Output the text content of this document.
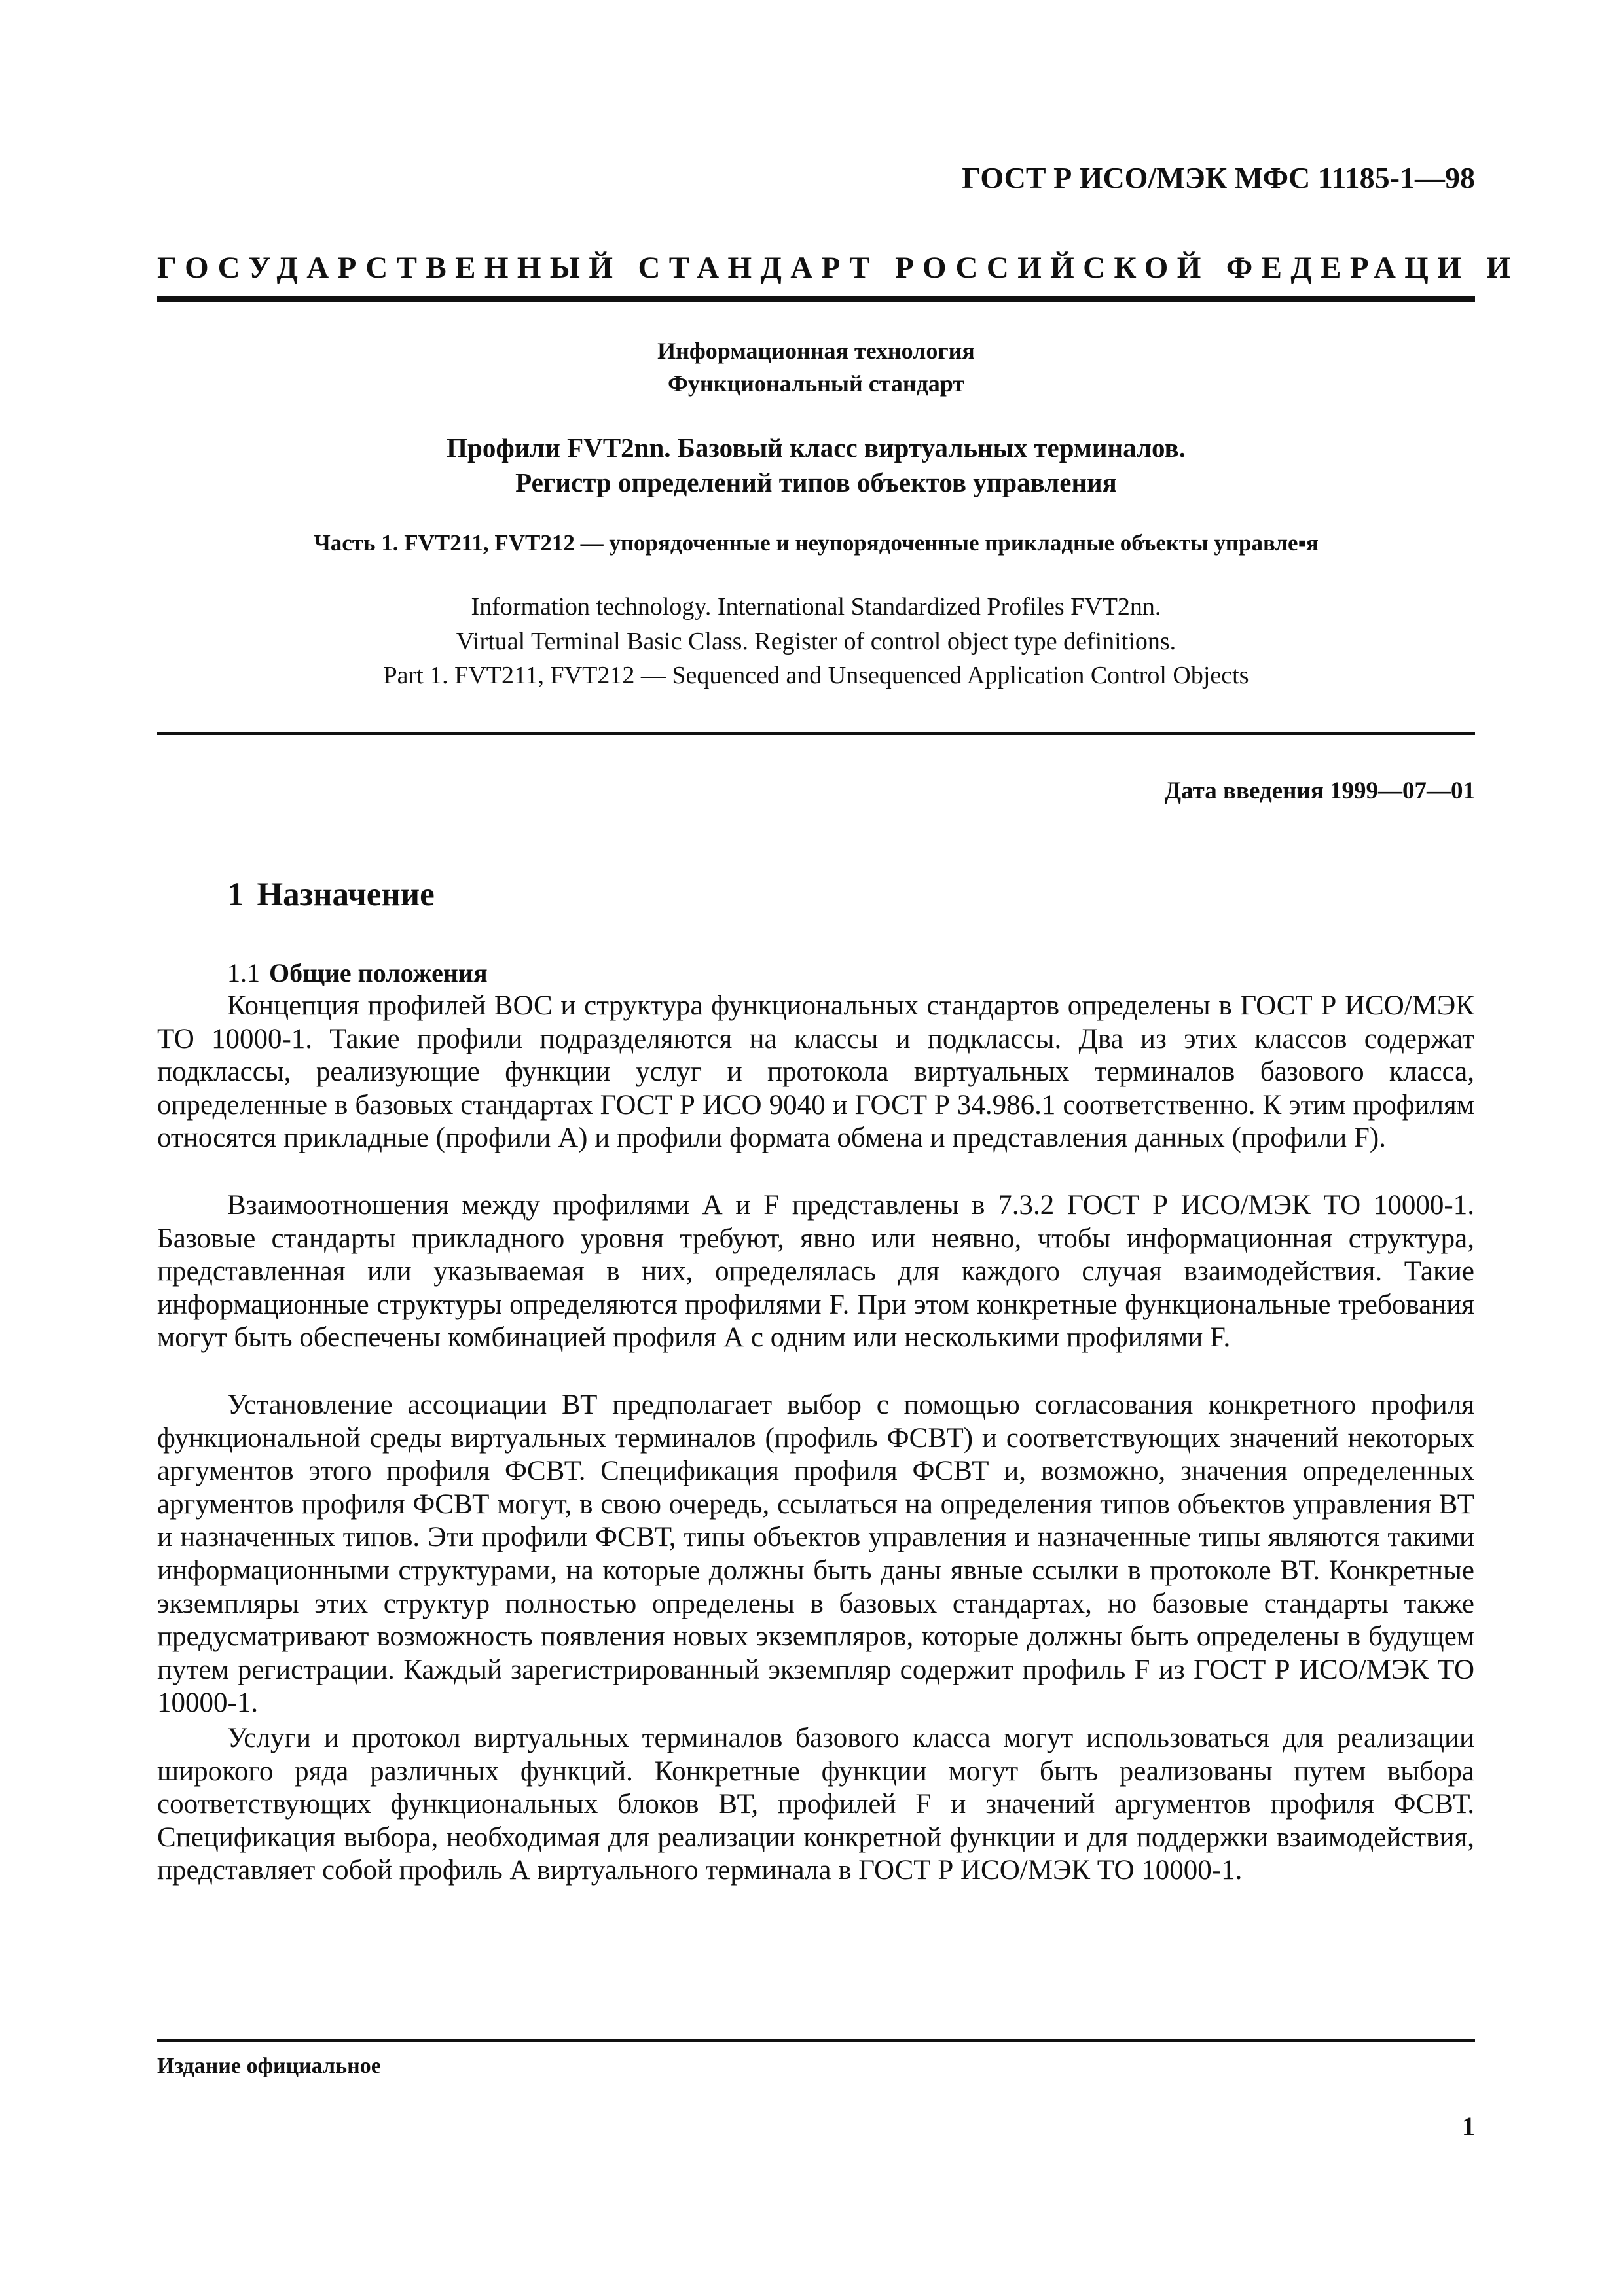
ГОСТ Р ИСО/МЭК МФС 11185-1—98
ГОСУДАРСТВЕННЫЙ СТАНДАРТ РОССИЙСКОЙ ФЕДЕРАЦИ И
Информационная технология
Функциональный стандарт
Профили FVT2nn. Базовый класс виртуальных терминалов.
Регистр определений типов объектов управления
Часть 1. FVT211, FVT212 — упорядоченные и неупорядоченные прикладные объекты управле▪я
Information technology. International Standardized Profiles FVT2nn.
Virtual Terminal Basic Class. Register of control object type definitions.
Part 1. FVT211, FVT212 — Sequenced and Unsequenced Application Control Objects
Дата введения 1999—07—01
1 Назначение
1.1 Общие положения
Концепция профилей ВОС и структура функциональных стандартов определены в ГОСТ Р ИСО/МЭК ТО 10000-1. Такие профили подразделяются на классы и подклассы. Два из этих классов содержат подклассы, реализующие функции услуг и протокола виртуальных терминалов базового класса, определенные в базовых стандартах ГОСТ Р ИСО 9040 и ГОСТ Р 34.986.1 соответственно. К этим профилям относятся прикладные (профили А) и профили формата обмена и представления данных (профили F).
Взаимоотношения между профилями А и F представлены в 7.3.2 ГОСТ Р ИСО/МЭК ТО 10000-1. Базовые стандарты прикладного уровня требуют, явно или неявно, чтобы информационная структура, представленная или указываемая в них, определялась для каждого случая взаимодействия. Такие информационные структуры определяются профилями F. При этом конкретные функциональные требования могут быть обеспечены комбинацией профиля А с одним или несколькими профилями F.
Установление ассоциации ВТ предполагает выбор с помощью согласования конкретного профиля функциональной среды виртуальных терминалов (профиль ФСВТ) и соответствующих значений некоторых аргументов этого профиля ФСВТ. Спецификация профиля ФСВТ и, возможно, значения определенных аргументов профиля ФСВТ могут, в свою очередь, ссылаться на определения типов объектов управления ВТ и назначенных типов. Эти профили ФСВТ, типы объектов управления и назначенные типы являются такими информационными структурами, на которые должны быть даны явные ссылки в протоколе ВТ. Конкретные экземпляры этих структур полностью определены в базовых стандартах, но базовые стандарты также предусматривают возможность появления новых экземпляров, которые должны быть определены в будущем путем регистрации. Каждый зарегистрированный экземпляр содержит профиль F из ГОСТ Р ИСО/МЭК ТО 10000-1.
Услуги и протокол виртуальных терминалов базового класса могут использоваться для реализации широкого ряда различных функций. Конкретные функции могут быть реализованы путем выбора соответствующих функциональных блоков ВТ, профилей F и значений аргументов профиля ФСВТ. Спецификация выбора, необходимая для реализации конкретной функции и для поддержки взаимодействия, представляет собой профиль А виртуального терминала в ГОСТ Р ИСО/МЭК ТО 10000-1.
Издание официальное
1
